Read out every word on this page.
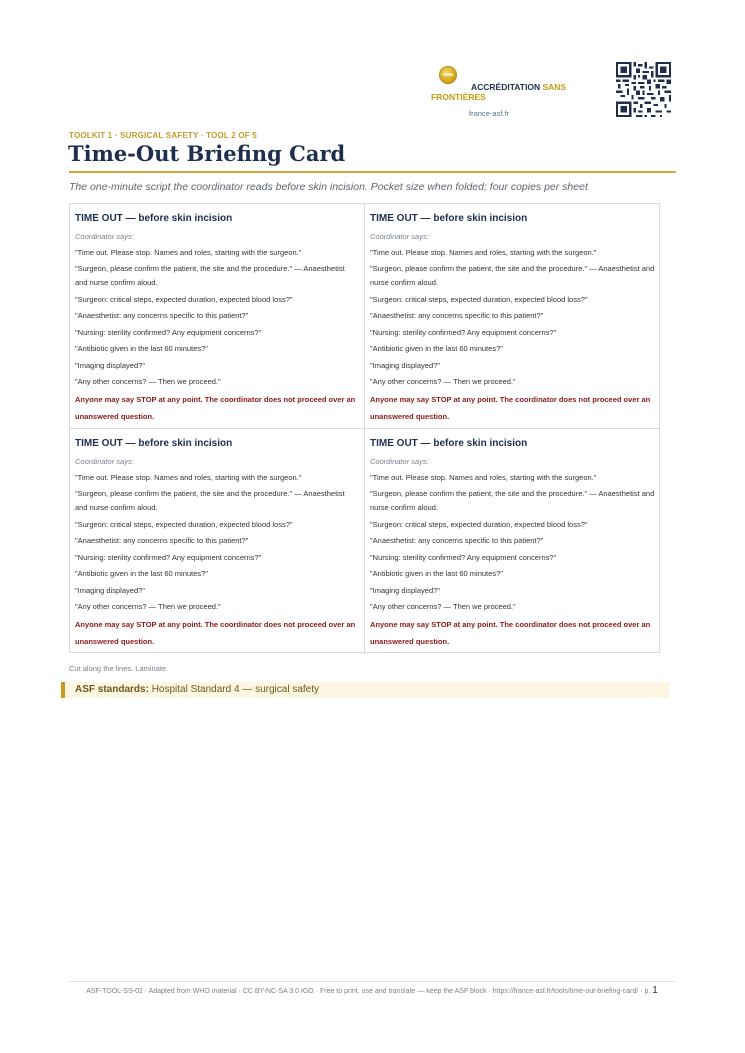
ACCRÉDITATION SANS FRONTIÈRES
france-asf.fr
TOOLKIT 1 · SURGICAL SAFETY · TOOL 2 OF 5
Time-Out Briefing Card
The one-minute script the coordinator reads before skin incision. Pocket size when folded; four copies per sheet
TIME OUT — before skin incision
Coordinator says:
"Time out. Please stop. Names and roles, starting with the surgeon."
"Surgeon, please confirm the patient, the site and the procedure." — Anaesthetist and nurse confirm aloud.
"Surgeon: critical steps, expected duration, expected blood loss?"
"Anaesthetist: any concerns specific to this patient?"
"Nursing: sterility confirmed? Any equipment concerns?"
"Antibiotic given in the last 60 minutes?"
"Imaging displayed?"
"Any other concerns? — Then we proceed."
Anyone may say STOP at any point. The coordinator does not proceed over an unanswered question.
TIME OUT — before skin incision
Coordinator says:
"Time out. Please stop. Names and roles, starting with the surgeon."
"Surgeon, please confirm the patient, the site and the procedure." — Anaesthetist and nurse confirm aloud.
"Surgeon: critical steps, expected duration, expected blood loss?"
"Anaesthetist: any concerns specific to this patient?"
"Nursing: sterility confirmed? Any equipment concerns?"
"Antibiotic given in the last 60 minutes?"
"Imaging displayed?"
"Any other concerns? — Then we proceed."
Anyone may say STOP at any point. The coordinator does not proceed over an unanswered question.
TIME OUT — before skin incision
Coordinator says:
"Time out. Please stop. Names and roles, starting with the surgeon."
"Surgeon, please confirm the patient, the site and the procedure." — Anaesthetist and nurse confirm aloud.
"Surgeon: critical steps, expected duration, expected blood loss?"
"Anaesthetist: any concerns specific to this patient?"
"Nursing: sterility confirmed? Any equipment concerns?"
"Antibiotic given in the last 60 minutes?"
"Imaging displayed?"
"Any other concerns? — Then we proceed."
Anyone may say STOP at any point. The coordinator does not proceed over an unanswered question.
TIME OUT — before skin incision
Coordinator says:
"Time out. Please stop. Names and roles, starting with the surgeon."
"Surgeon, please confirm the patient, the site and the procedure." — Anaesthetist and nurse confirm aloud.
"Surgeon: critical steps, expected duration, expected blood loss?"
"Anaesthetist: any concerns specific to this patient?"
"Nursing: sterility confirmed? Any equipment concerns?"
"Antibiotic given in the last 60 minutes?"
"Imaging displayed?"
"Any other concerns? — Then we proceed."
Anyone may say STOP at any point. The coordinator does not proceed over an unanswered question.
Cut along the lines. Laminate.
ASF standards: Hospital Standard 4 — surgical safety
ASF-TOOL-SS-02 · Adapted from WHO material · CC BY-NC-SA 3.0 IGO · Free to print, use and translate — keep the ASF block · https://france-asf.fr/tools/time-out-briefing-card/ · p. 1
